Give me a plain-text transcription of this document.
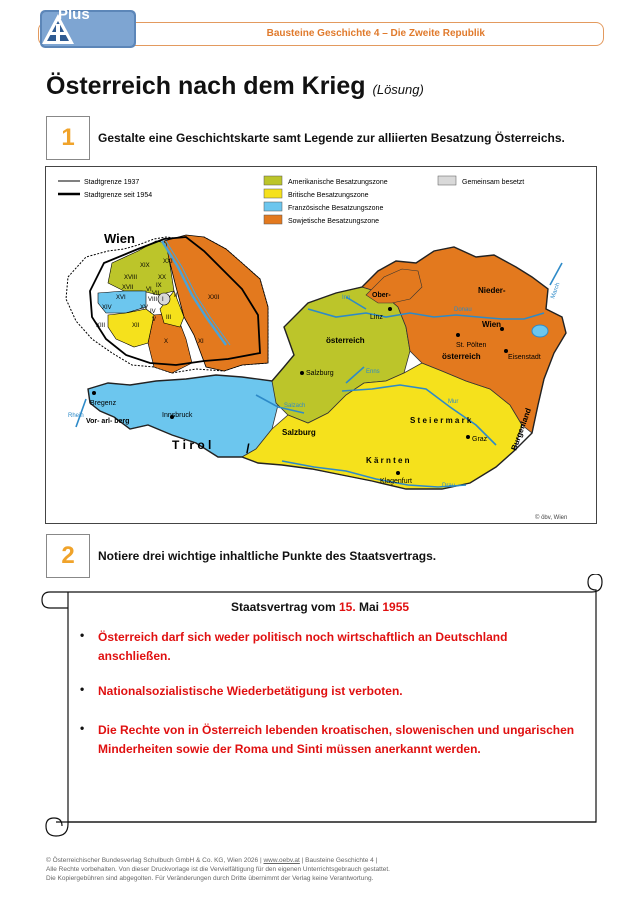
Bausteine Geschichte 4 – Die Zweite Republik
Plus
Österreich nach dem Krieg (Lösung)
1	Gestalte eine Geschichtskarte samt Legende zur alliierten Besatzung Österreichs.
Stadtgrenze 1937
Stadtgrenze seit 1954
Amerikanische Besatzungszone
Britische Besatzungszone
Französische Besatzungszone
Sowjetische Besatzungszone
Gemeinsam besetzt
Wien
XXI
XIX
XX
XVIII
II	XXII
XVII
XVI
XIV	XV
I
III
XIII	XII
IV
V
VI
VII
VIII
IX
X	XI
Nieder-
Ober-
Linz
Wien
St. Pölten
österreich
österreich	Eisenstadt
Salzburg
Salzburg
Bregenz
Vor- arl- berg
Innsbruck
T i r o l
S t e i e r m a r k
Graz
K ä r n t e n
Klagenfurt
Burgenland
Inn
Donau
Enns
Salzach
Mur
Drau
Rhein
March
/
© öbv, Wien
2	Notiere drei wichtige inhaltliche Punkte des Staatsvertrags.
Staatsvertrag vom 15. Mai 1955
• Österreich darf sich weder politisch noch wirtschaftlich an Deutschland anschließen.
• Nationalsozialistische Wiederbetätigung ist verboten.
• Die Rechte von in Österreich lebenden kroatischen, slowenischen und ungarischen Minderheiten sowie der Roma und Sinti müssen anerkannt werden.
© Österreichischer Bundesverlag Schulbuch GmbH & Co. KG, Wien 2026 | www.oebv.at | Bausteine Geschichte 4 |
Alle Rechte vorbehalten. Von dieser Druckvorlage ist die Vervielfältigung für den eigenen Unterrichtsgebrauch gestattet.
Die Kopiergebühren sind abgegolten. Für Veränderungen durch Dritte übernimmt der Verlag keine Verantwortung.
